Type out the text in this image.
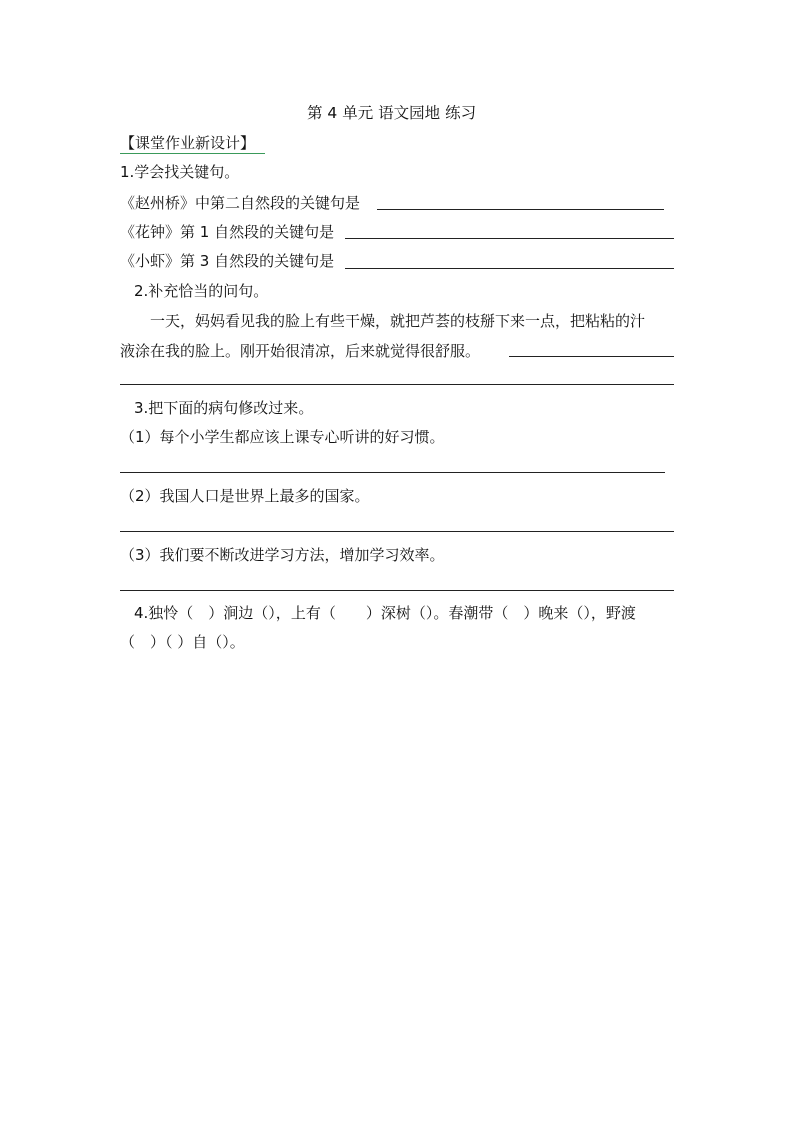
第 4 单元 语文园地 练习
【课堂作业新设计】
1.学会找关键句。
《赵州桥》中第二自然段的关键句是
《花钟》第 1 自然段的关键句是
《小虾》第 3 自然段的关键句是
2.补充恰当的问句。
一天，妈妈看见我的脸上有些干燥，就把芦荟的枝掰下来一点，把粘粘的汁
液涂在我的脸上。刚开始很清凉，后来就觉得很舒服。
3.把下面的病句修改过来。
（1）每个小学生都应该上课专心听讲的好习惯。
（2）我国人口是世界上最多的国家。
（3）我们要不断改进学习方法，增加学习效率。
4.独怜（　）涧边（），上有（　　）深树（）。春潮带（　）晚来（），野渡
（　）（ ）自（）。
